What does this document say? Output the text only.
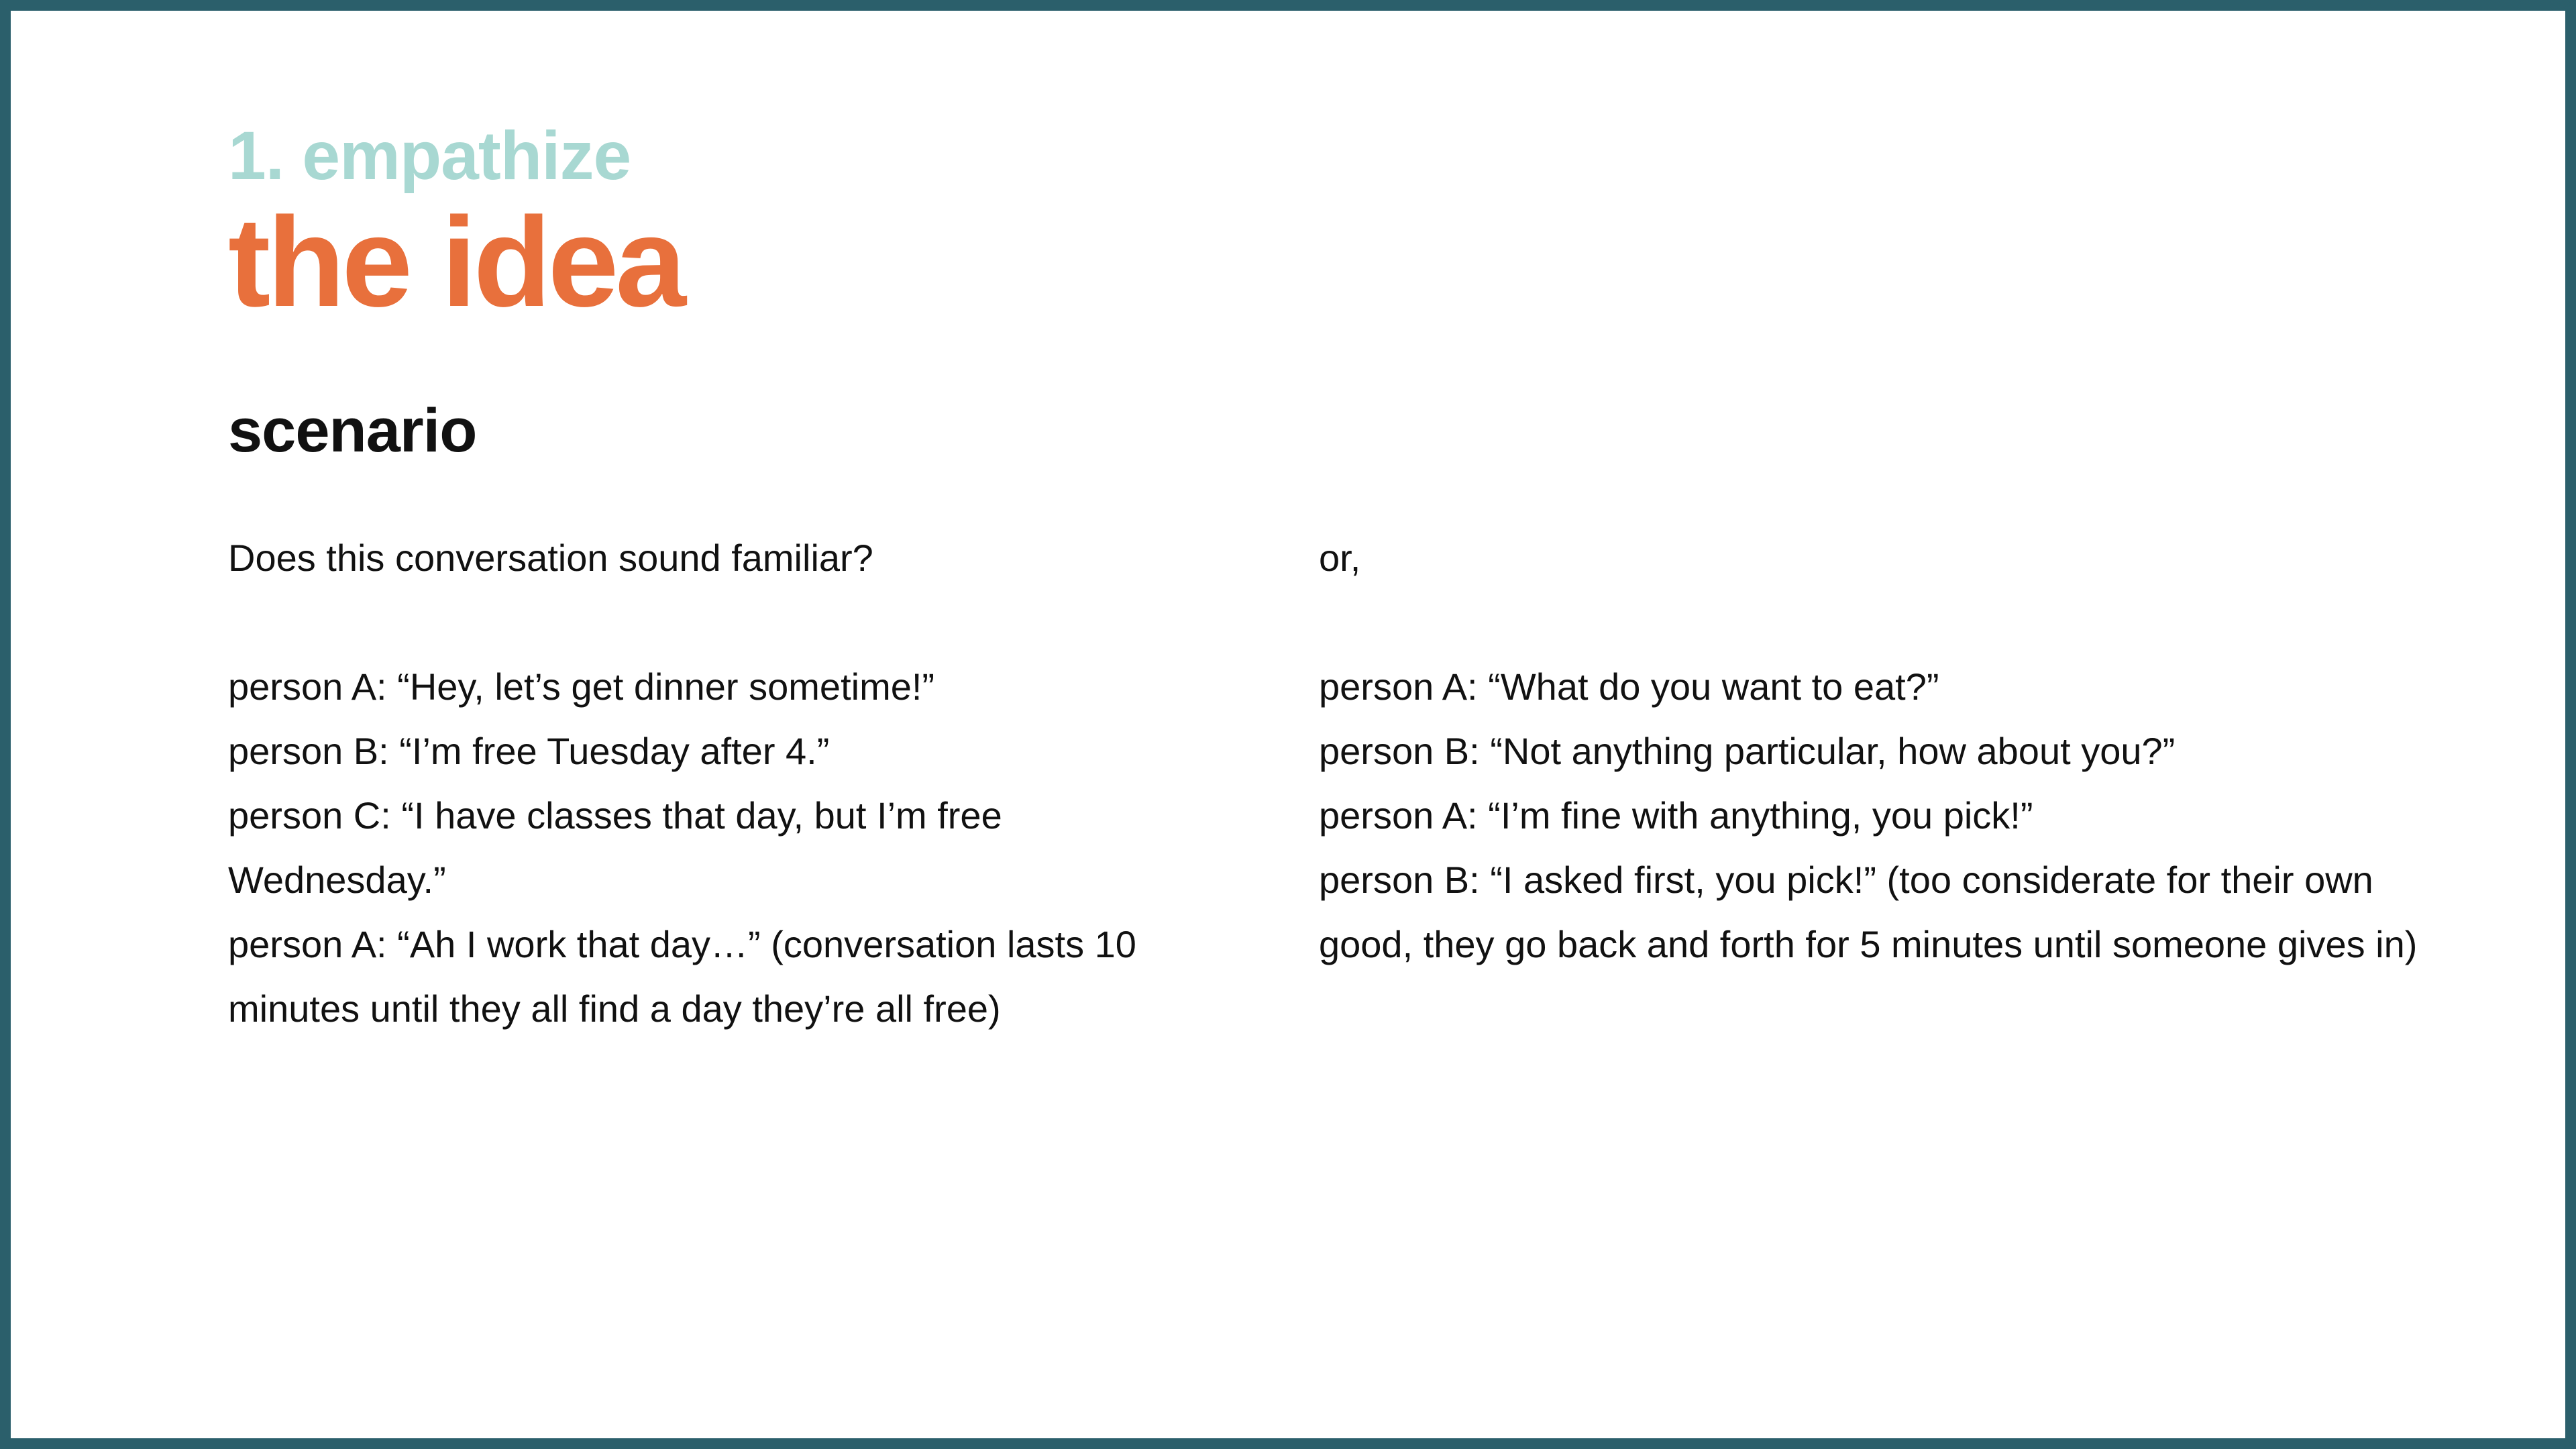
1. empathize
the idea
scenario

Does this conversation sound familiar?

person A: “Hey, let’s get dinner sometime!”

person B: “I’m free Tuesday after 4.”

person C: “I have classes that day, but I’m free Wednesday.”

person A: “Ah I work that day…” (conversation lasts 10 minutes until they all find a day they’re all free)

or,

person A: “What do you want to eat?”

person B: “Not anything particular, how about you?”

person A: “I’m fine with anything, you pick!”

person B: “I asked first, you pick!” (too considerate for their own good, they go back and forth for 5 minutes until someone gives in)
